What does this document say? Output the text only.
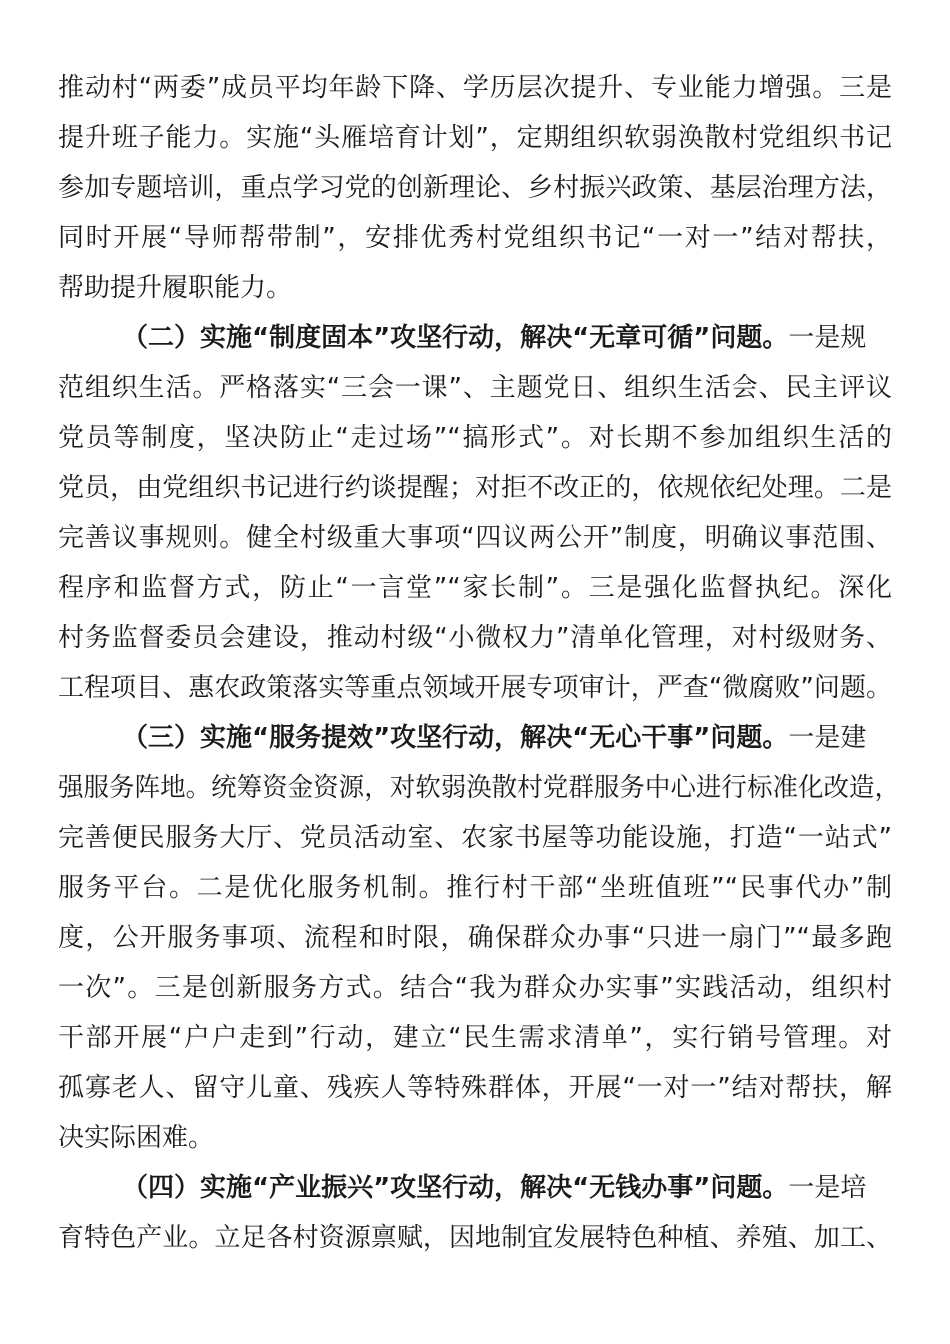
推动村“两委”成员平均年龄下降、学历层次提升、专业能力增强。三是
提升班子能力。实施“头雁培育计划”，定期组织软弱涣散村党组织书记
参加专题培训，重点学习党的创新理论、乡村振兴政策、基层治理方法，
同时开展“导师帮带制”，安排优秀村党组织书记“一对一”结对帮扶，
帮助提升履职能力。
（二）实施“制度固本”攻坚行动，解决“无章可循”问题。一是规
范组织生活。严格落实“三会一课”、主题党日、组织生活会、民主评议
党员等制度，坚决防止“走过场”“搞形式”。对长期不参加组织生活的
党员，由党组织书记进行约谈提醒；对拒不改正的，依规依纪处理。二是
完善议事规则。健全村级重大事项“四议两公开”制度，明确议事范围、
程序和监督方式，防止“一言堂”“家长制”。三是强化监督执纪。深化
村务监督委员会建设，推动村级“小微权力”清单化管理，对村级财务、
工程项目、惠农政策落实等重点领域开展专项审计，严查“微腐败”问题。
（三）实施“服务提效”攻坚行动，解决“无心干事”问题。一是建
强服务阵地。统筹资金资源，对软弱涣散村党群服务中心进行标准化改造，
完善便民服务大厅、党员活动室、农家书屋等功能设施，打造“一站式”
服务平台。二是优化服务机制。推行村干部“坐班值班”“民事代办”制
度，公开服务事项、流程和时限，确保群众办事“只进一扇门”“最多跑
一次”。三是创新服务方式。结合“我为群众办实事”实践活动，组织村
干部开展“户户走到”行动，建立“民生需求清单”，实行销号管理。对
孤寡老人、留守儿童、残疾人等特殊群体，开展“一对一”结对帮扶，解
决实际困难。
（四）实施“产业振兴”攻坚行动，解决“无钱办事”问题。一是培
育特色产业。立足各村资源禀赋，因地制宜发展特色种植、养殖、加工、
